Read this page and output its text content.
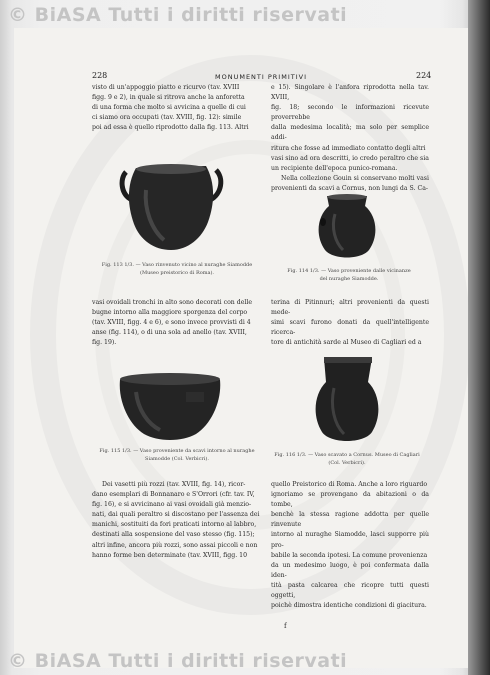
© BiASA Tutti i diritti riservati
© BiASA Tutti i diritti riservati
228	MONUMENTI PRIMITIVI	224

visto di un'appoggio piatto e ricurvo (tav. XVIII

figg. 9 e 2), in quale si ritrova anche la anforetta

di una forma che molto si avvicina a quelle di cui

ci siamo ora occupati (tav. XVIII, fig. 12): simile

poi ad essa è quello riprodotto dalla fig. 113. Altri

e 15). Singolare è l'anfora riprodotta nella tav. XVIII,

fig. 18; secondo le informazioni ricevute proverrebbe

dalla medesima località; ma solo per semplice addi-

ritura che fosse ad immediato contatto degli altri

vasi sino ad ora descritti, io credo peraltro che sia

un recipiente dell'epoca punico-romana.

Nella collezione Gouin si conservano molti vasi

provenienti da scavi a Cornus, non lungi da S. Ca-

Fig. 113 1/3. — Vaso rinvenuto vicino al nuraghe Siamodde
(Museo preistorico di Roma).	Fig. 114 1/3. — Vaso proveniente dalle vicinanze
del nuraghe Siamodde.

vasi ovoidali tronchi in alto sono decorati con delle

bugne intorno alla maggiore sporgenza del corpo

(tav. XVIII, figg. 4 e 6), e sono invece provvisti di 4

anse (fig. 114), o di una sola ad anello (tav. XVIII,

fig. 19).

terina di Pitinnuri; altri provenienti da questi mede-

simi scavi furono donati da quell'intelligente ricerca-

tore di antichità sarde al Museo di Cagliari ed a

Fig. 115 1/3. — Vaso proveniente da scavi intorno al nuraghe
Siamodde (Col. Verbicri).
Fig. 116 1/3. — Vaso scavato a Cornus. Museo di Cagliari
(Col. Verbicri).

Dei vasetti più rozzi (tav. XVIII, fig. 14), ricor-

dano esemplari di Bonnanaro e S'Orrori (cfr. tav. IV,

fig. 16), e si avvicinano ai vasi ovoidali già menzio-

nati, dai quali peraltro si discostano per l'assenza dei

manichi, sostituiti da fori praticati intorno al labbro,

destinati alla sospensione del vaso stesso (fig. 115);

altri infine, ancora più rozzi, sono assai piccoli e non

hanno forme ben determinate (tav. XVIII, figg. 10

quello Preistorico di Roma. Anche a loro riguardo

ignoriamo se provengano da abitazioni o da tombe,

benchè la stessa ragione addotta per quelle rinvenute

intorno al nuraghe Siamodde, lasci supporre più pro-

babile la seconda ipotesi. La comune provenienza

da un medesimo luogo, è poi confermata dalla iden-

tità pasta calcarea che ricopre tutti questi oggetti,

poichè dimostra identiche condizioni di giacitura.

f
